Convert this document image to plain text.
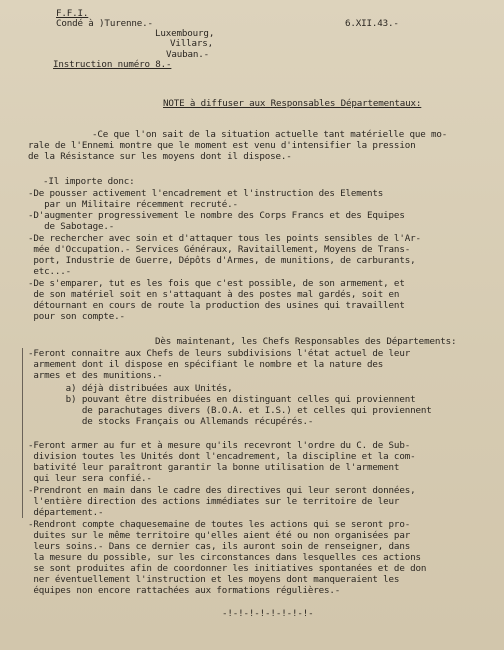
F.F.I.
Condé à )Turenne.-	6.XII.43.-
Luxembourg,
Villars,
Vauban.-
Instruction numéro 8.-
NOTE à diffuser aux Responsables Départementaux:
-Ce que l'on sait de la situation actuelle tant matérielle que mo-
rale de l'Ennemi montre que le moment est venu d'intensifier la pression
de la Résistance sur les moyens dont il dispose.-
-Il importe donc:
-De pousser activement l'encadrement et l'instruction des Elements
par un Militaire récemment recruté.-
-D'augmenter progressivement le nombre des Corps Francs et des Equipes
de Sabotage.-
-De rechercher avec soin et d'attaquer tous les points sensibles de l'Ar-
mée d'Occupation.- Services Généraux, Ravitaillement, Moyens de Trans-
port, Industrie de Guerre, Dépôts d'Armes, de munitions, de carburants,
etc...-
-De s'emparer, tut es les fois que c'est possible, de son armement, et
de son matériel soit en s'attaquant à des postes mal gardés, soit en
détournant en cours de route la production des usines qui travaillent
pour son compte.-
Dès maintenant, les Chefs Responsables des Départements:
-Feront connaitre aux Chefs de leurs subdivisions l'état actuel de leur
armement dont il dispose en spécifiant le nombre et la nature des
armes et des munitions.-
a) déjà distribuées aux Unités,
b) pouvant être distribuées en distinguant celles qui proviennent
de parachutages divers (B.O.A. et I.S.) et celles qui proviennent
de stocks Français ou Allemands récupérés.-
-Feront armer au fur et à mesure qu'ils recevront l'ordre du C. de Sub-
division toutes les Unités dont l'encadrement, la discipline et la com-
bativité leur paraîtront garantir la bonne utilisation de l'armement
qui leur sera confié.-
-Prendront en main dans le cadre des directives qui leur seront données,
l'entière direction des actions immédiates sur le territoire de leur
département.-
-Rendront compte chaquesemaine de toutes les actions qui se seront pro-
duites sur le même territoire qu'elles aient été ou non organisées par
leurs soins.- Dans ce dernier cas, ils auront soin de renseigner, dans
la mesure du possible, sur les circonstances dans lesquelles ces actions
se sont produites afin de coordonner les initiatives spontanées et de don
ner éventuellement l'instruction et les moyens dont manqueraient les
équipes non encore rattachées aux formations régulières.-
-!-!-!-!-!-!-!-!-
